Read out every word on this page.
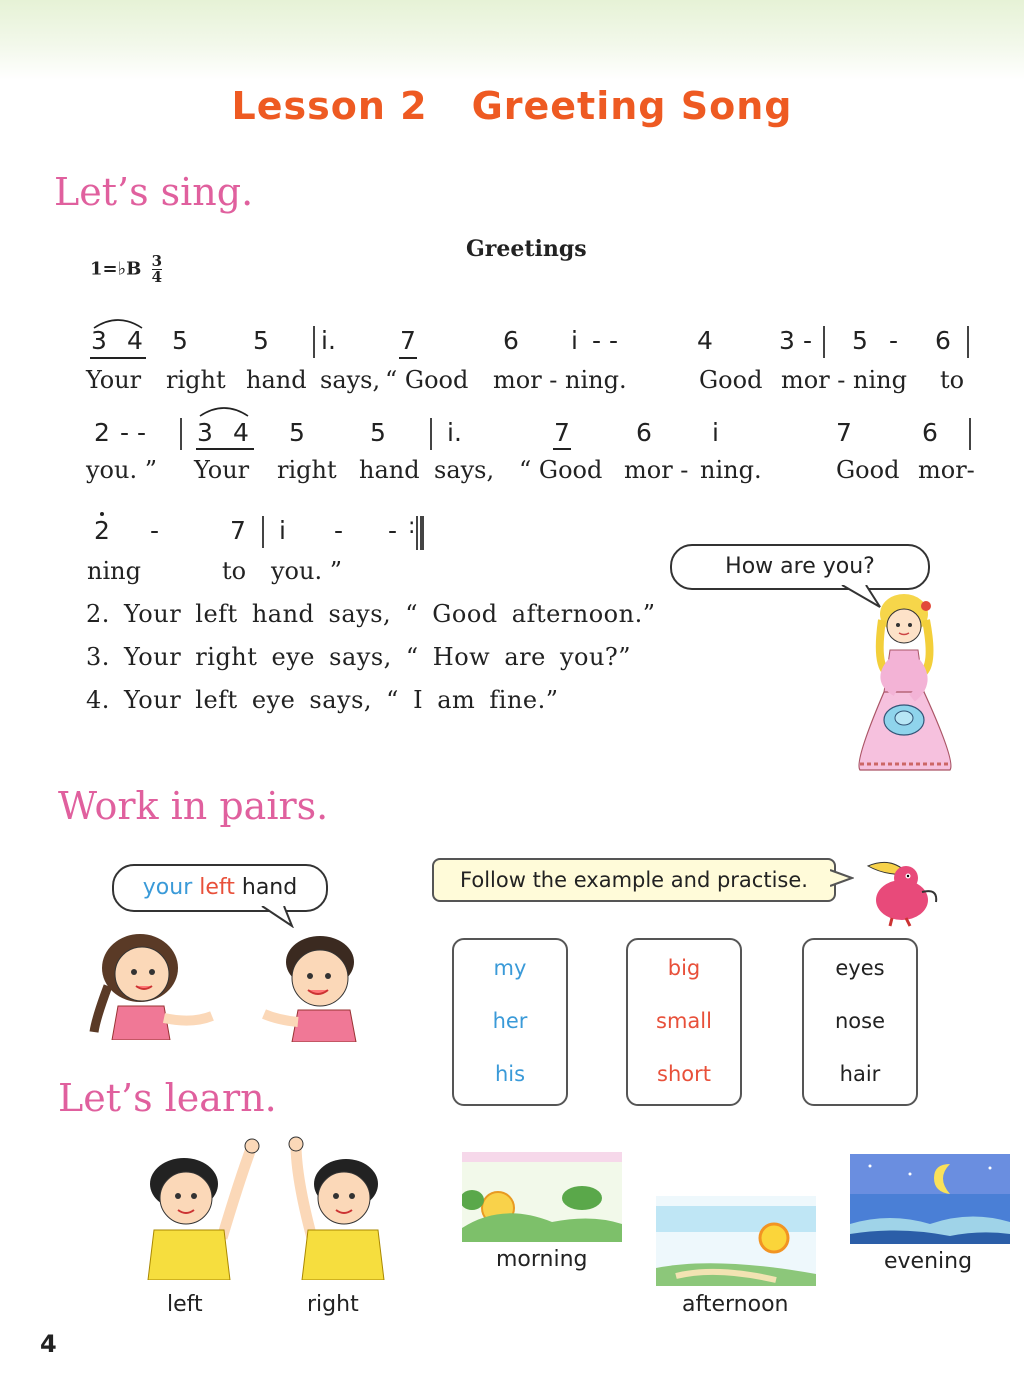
Lesson 2 Greeting Song
Let’s sing.
1=♭B $\frac{3}{4}$
Greetings
3 4 5	5 i.	7	6 i - -	4	3 - 5 - 6
Your right hand says, “ Good mor - ning.	Good mor - ning to
2 - - 3 4 5	5 i.	7	6 i	7	6
you. ” Your right hand says, “ Good mor - ning.	Good mor-
2 -	7 i - - :
ning	to you. ”
2. Your left hand says, “ Good afternoon.”
3. Your right eye says, “ How are you?”
4. Your left eye says, “ I am fine.”
How are you?
Work in pairs.
your left hand	Follow the example and practise.
my
her
his
big
small
short
eyes
nose
hair
Let’s learn.
left	right
morning
afternoon
evening
4
